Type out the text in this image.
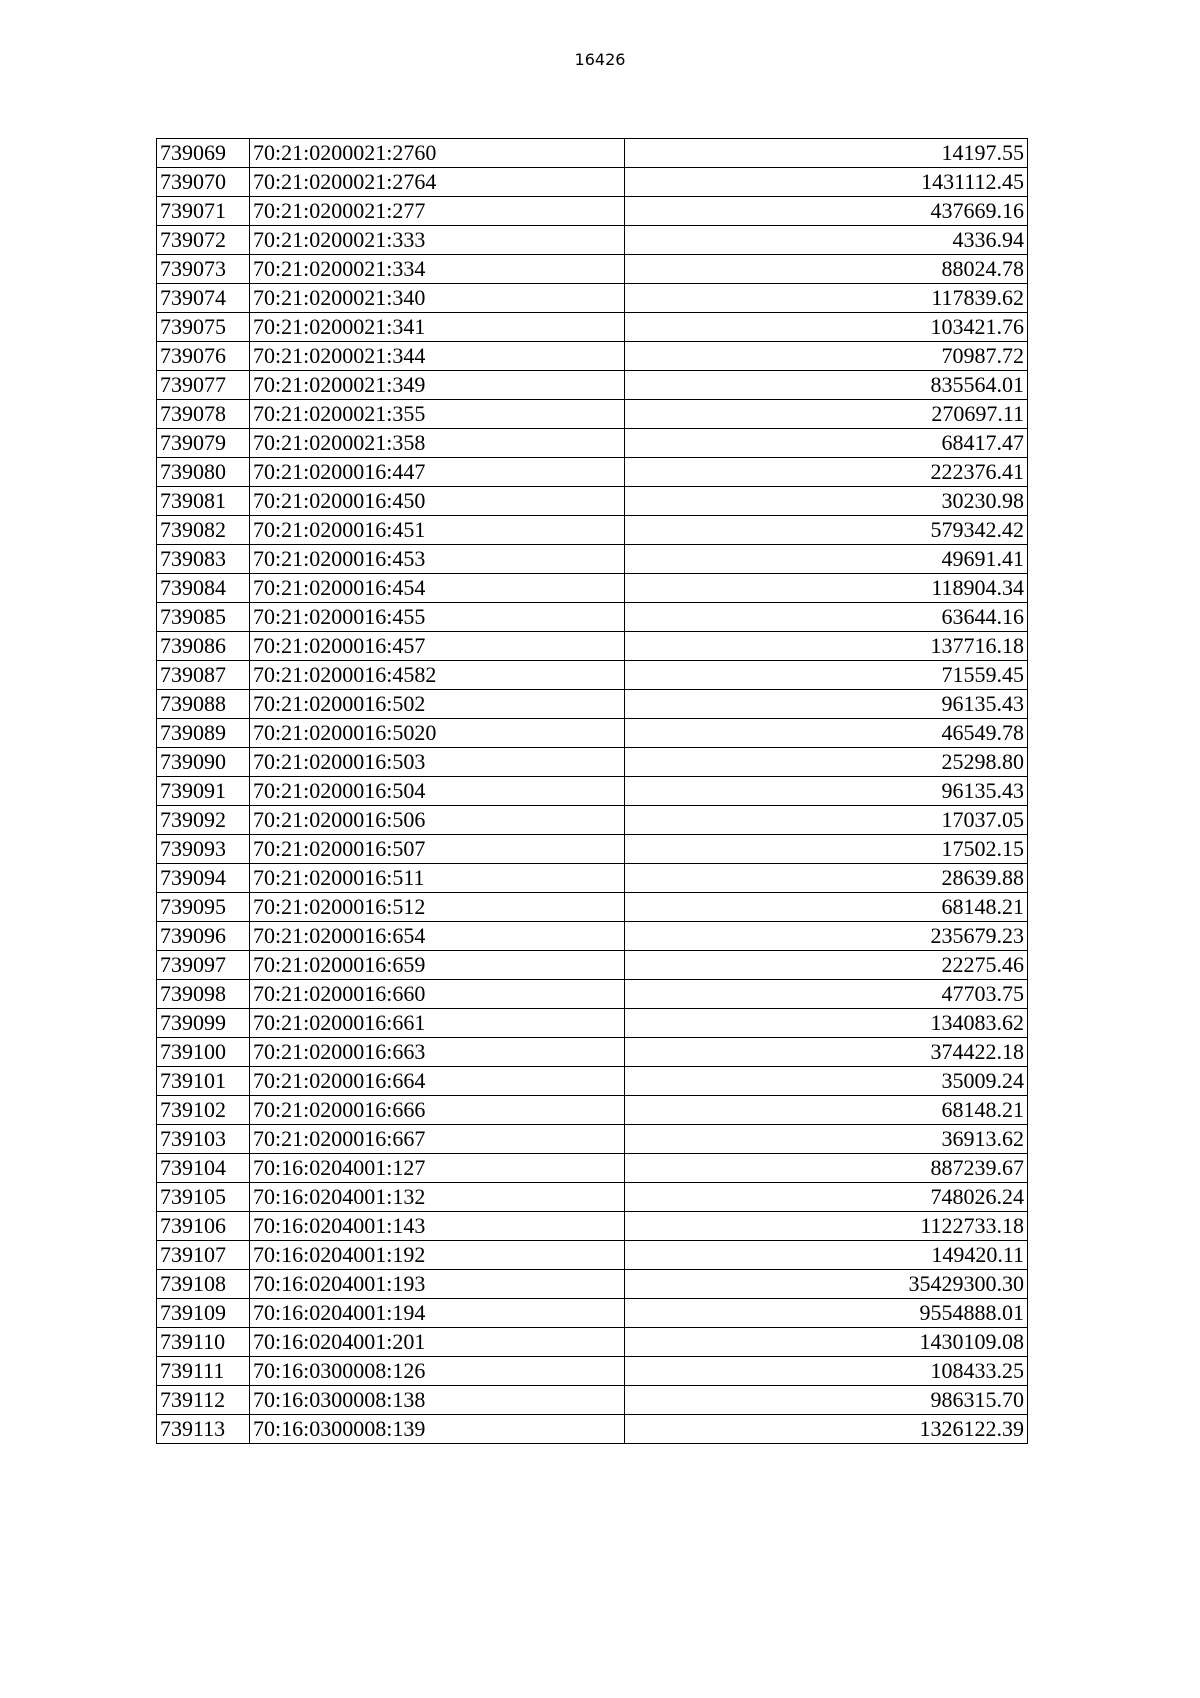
16426
739069	70:21:0200021:2760	14197.55
739070	70:21:0200021:2764	1431112.45
739071	70:21:0200021:277	437669.16
739072	70:21:0200021:333	4336.94
739073	70:21:0200021:334	88024.78
739074	70:21:0200021:340	117839.62
739075	70:21:0200021:341	103421.76
739076	70:21:0200021:344	70987.72
739077	70:21:0200021:349	835564.01
739078	70:21:0200021:355	270697.11
739079	70:21:0200021:358	68417.47
739080	70:21:0200016:447	222376.41
739081	70:21:0200016:450	30230.98
739082	70:21:0200016:451	579342.42
739083	70:21:0200016:453	49691.41
739084	70:21:0200016:454	118904.34
739085	70:21:0200016:455	63644.16
739086	70:21:0200016:457	137716.18
739087	70:21:0200016:4582	71559.45
739088	70:21:0200016:502	96135.43
739089	70:21:0200016:5020	46549.78
739090	70:21:0200016:503	25298.80
739091	70:21:0200016:504	96135.43
739092	70:21:0200016:506	17037.05
739093	70:21:0200016:507	17502.15
739094	70:21:0200016:511	28639.88
739095	70:21:0200016:512	68148.21
739096	70:21:0200016:654	235679.23
739097	70:21:0200016:659	22275.46
739098	70:21:0200016:660	47703.75
739099	70:21:0200016:661	134083.62
739100	70:21:0200016:663	374422.18
739101	70:21:0200016:664	35009.24
739102	70:21:0200016:666	68148.21
739103	70:21:0200016:667	36913.62
739104	70:16:0204001:127	887239.67
739105	70:16:0204001:132	748026.24
739106	70:16:0204001:143	1122733.18
739107	70:16:0204001:192	149420.11
739108	70:16:0204001:193	35429300.30
739109	70:16:0204001:194	9554888.01
739110	70:16:0204001:201	1430109.08
739111	70:16:0300008:126	108433.25
739112	70:16:0300008:138	986315.70
739113	70:16:0300008:139	1326122.39
